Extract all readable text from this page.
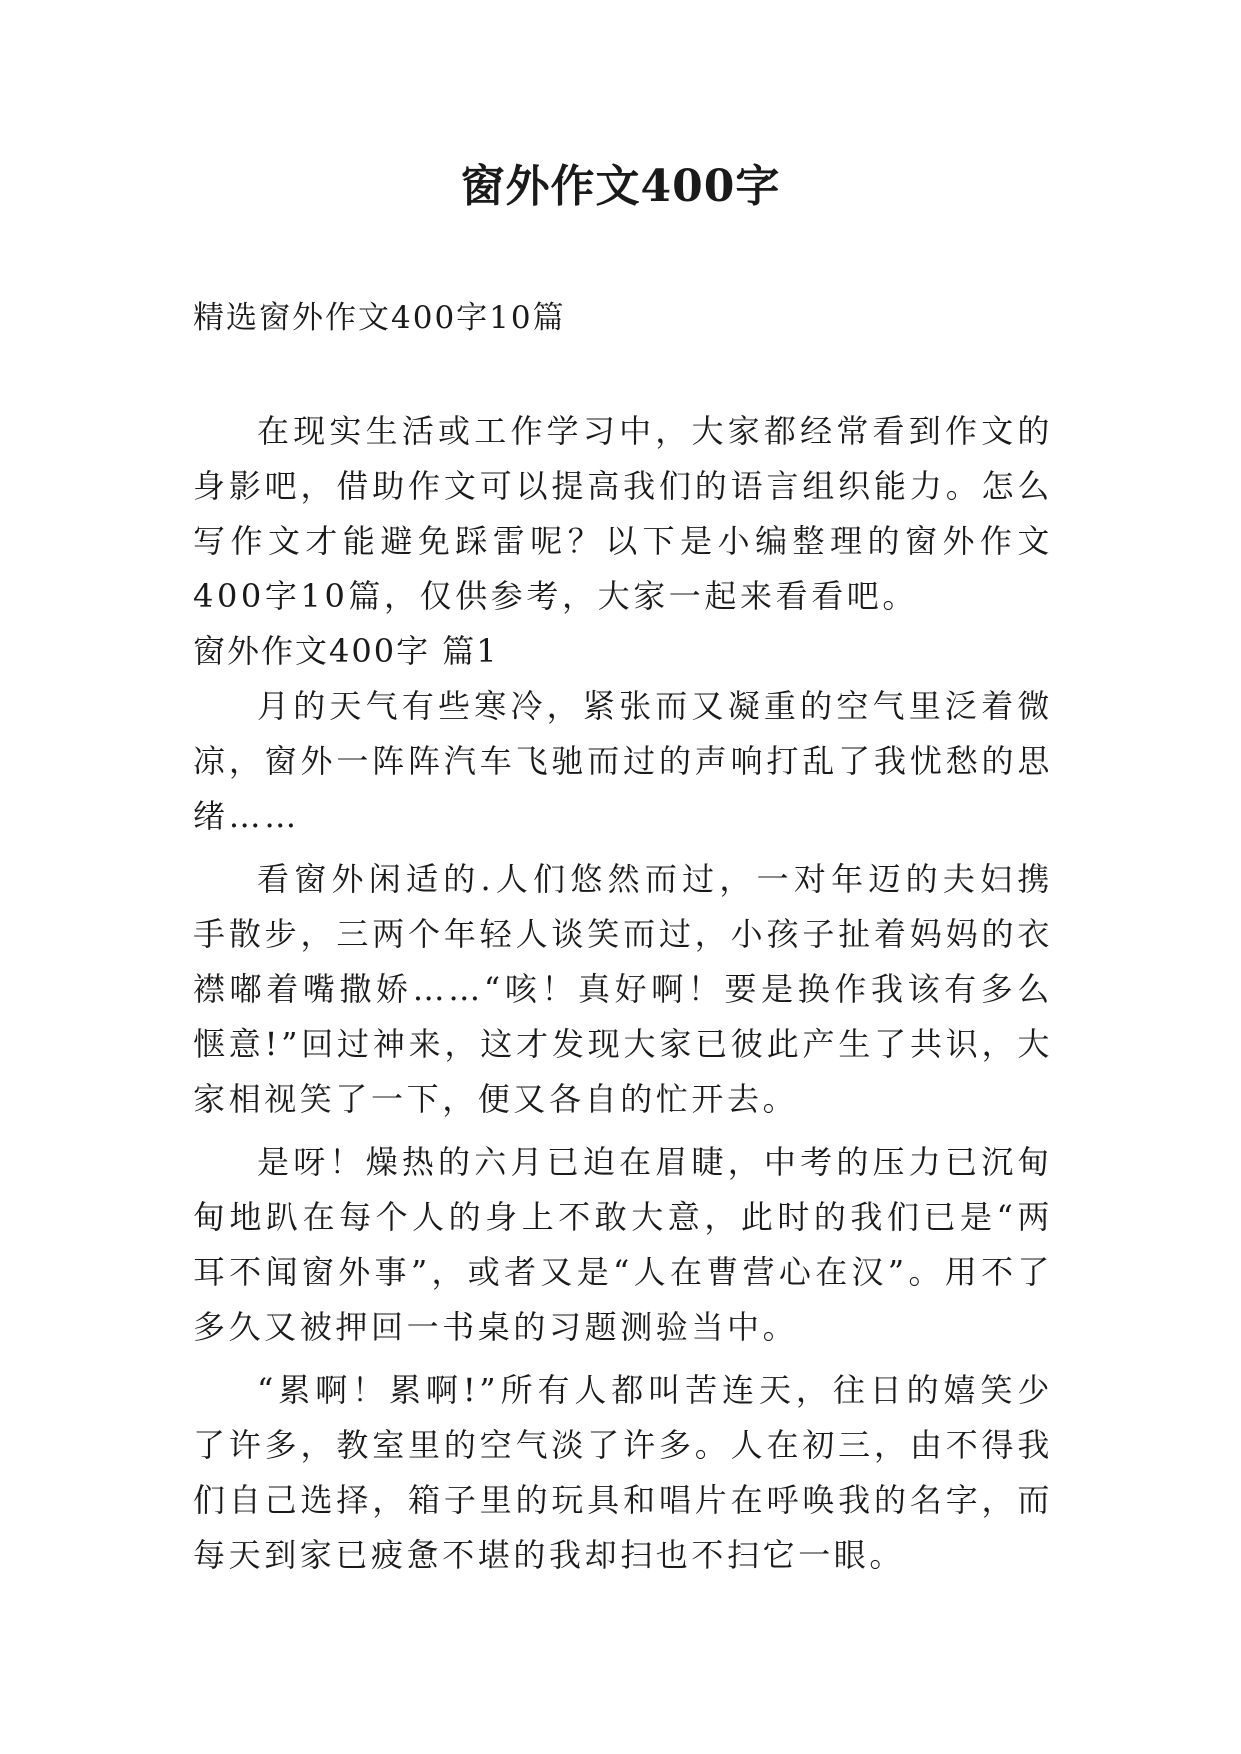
窗外作文400字

精选窗外作文400字10篇

在现实生活或工作学习中，大家都经常看到作文的身影吧，借助作文可以提高我们的语言组织能力。怎么写作文才能避免踩雷呢？以下是小编整理的窗外作文400字10篇，仅供参考，大家一起来看看吧。

窗外作文400字 篇1

月的天气有些寒冷，紧张而又凝重的空气里泛着微凉，窗外一阵阵汽车飞驰而过的声响打乱了我忧愁的思绪……

看窗外闲适的.人们悠然而过，一对年迈的夫妇携手散步，三两个年轻人谈笑而过，小孩子扯着妈妈的衣襟嘟着嘴撒娇……“咳！真好啊！要是换作我该有多么惬意!”回过神来，这才发现大家已彼此产生了共识，大家相视笑了一下，便又各自的忙开去。

是呀！燥热的六月已迫在眉睫，中考的压力已沉甸甸地趴在每个人的身上不敢大意，此时的我们已是“两耳不闻窗外事”，或者又是“人在曹营心在汉”。用不了多久又被押回一书桌的习题测验当中。

“累啊！累啊!”所有人都叫苦连天，往日的嬉笑少了许多，教室里的空气淡了许多。人在初三，由不得我们自己选择，箱子里的玩具和唱片在呼唤我的名字，而每天到家已疲惫不堪的我却扫也不扫它一眼。
